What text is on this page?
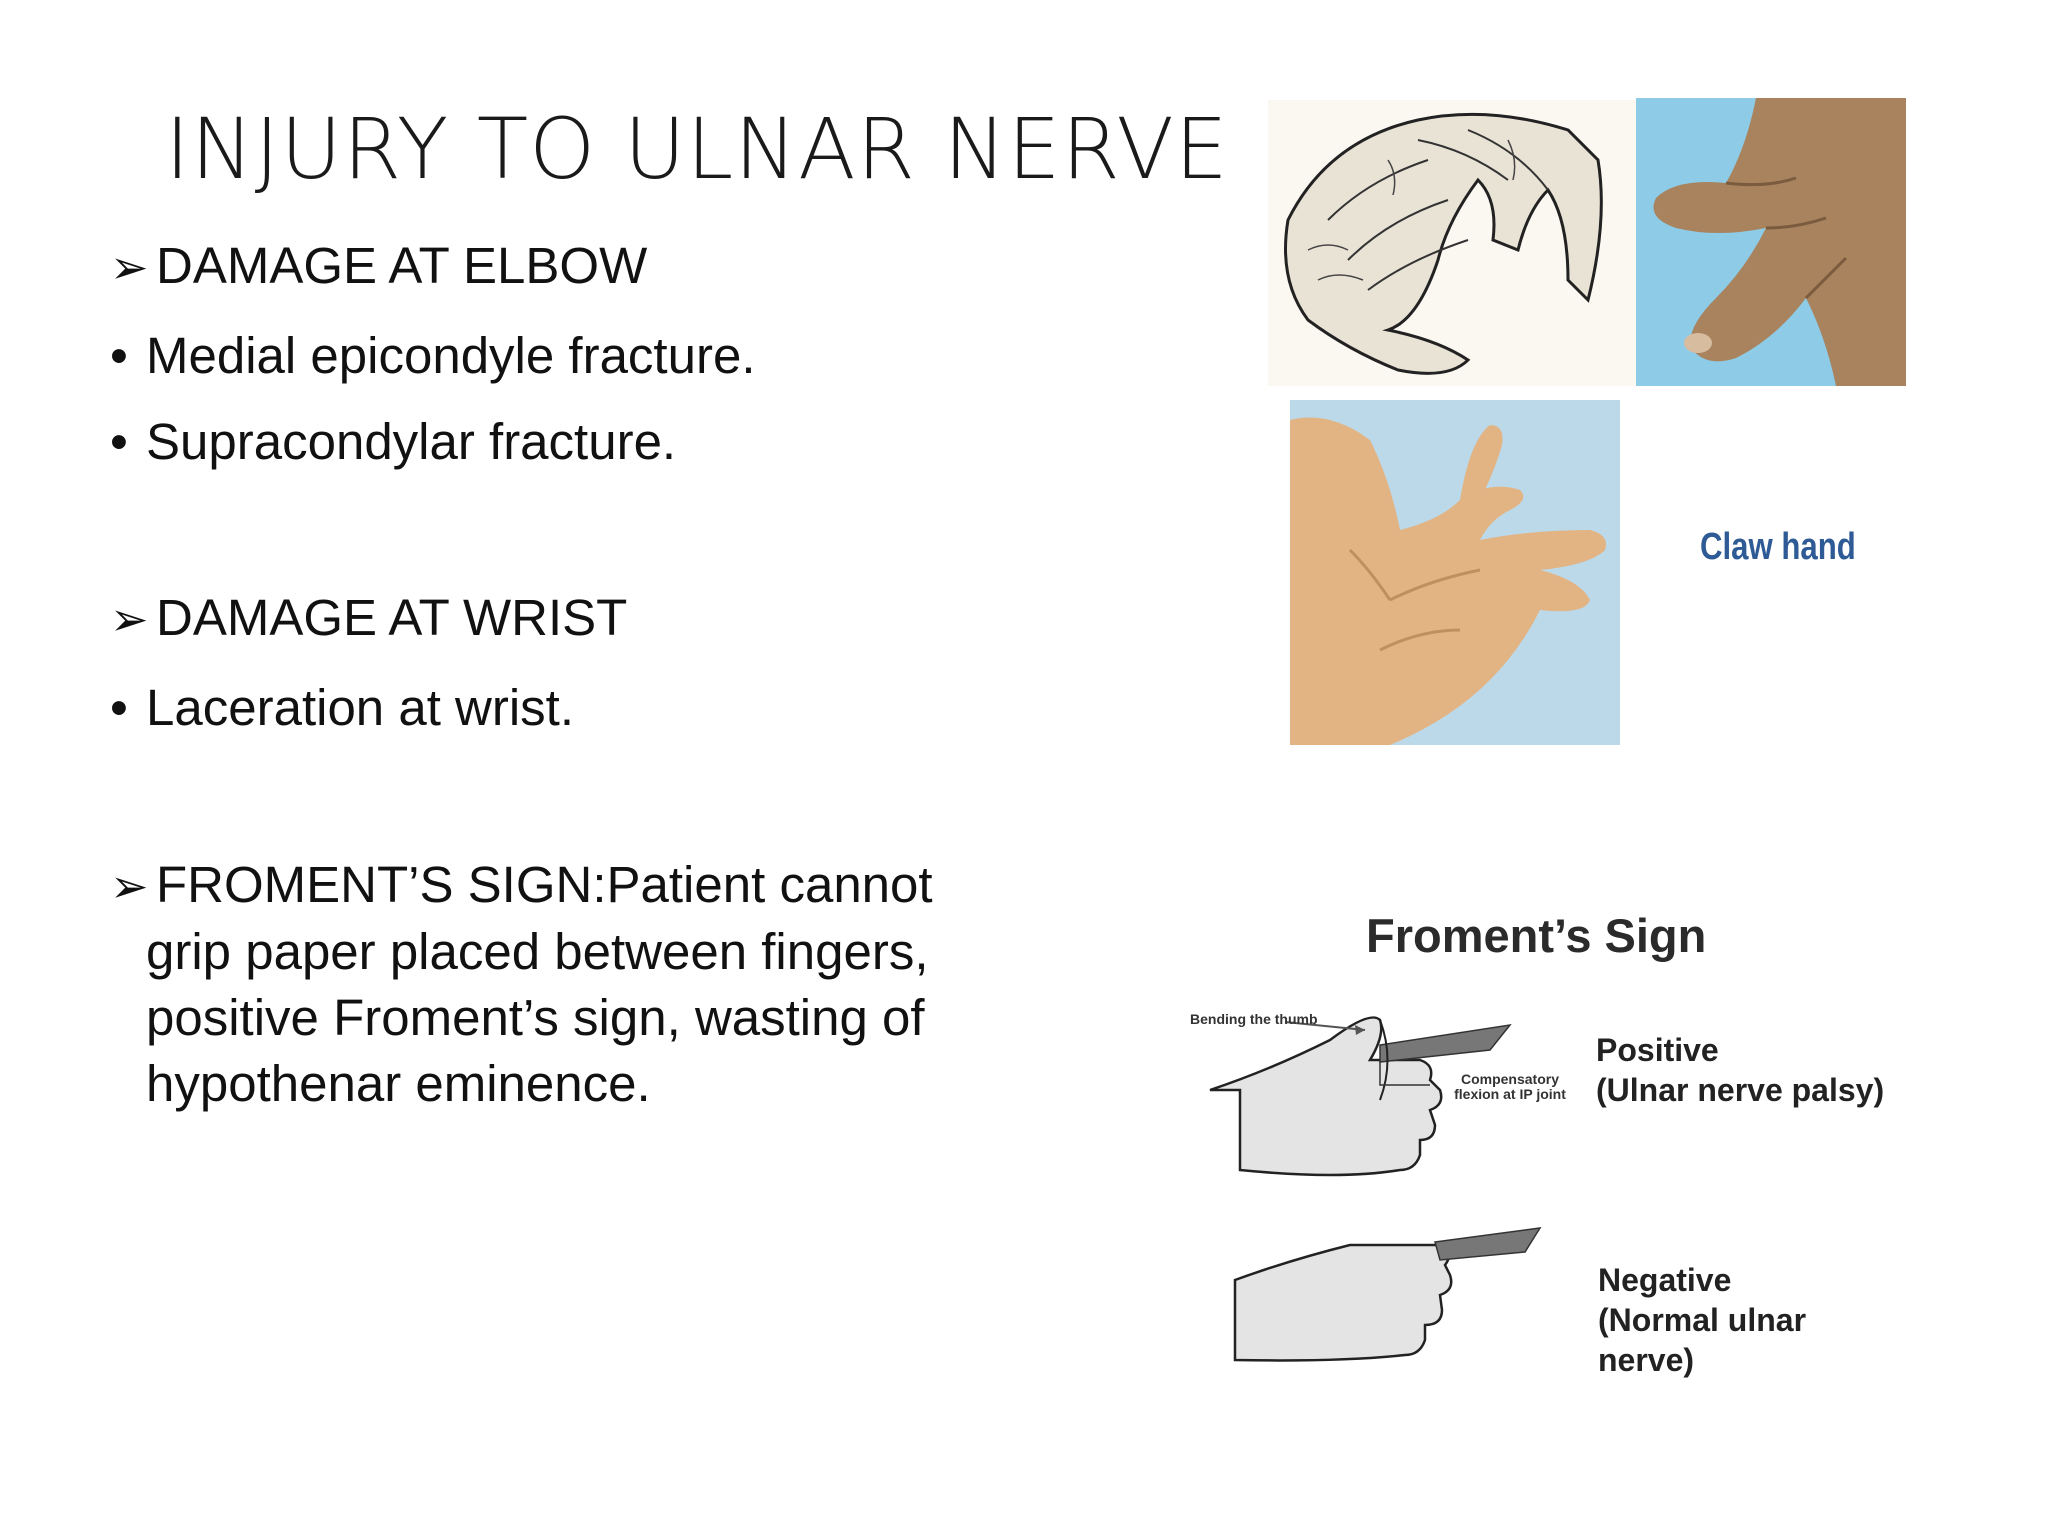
INJURY TO ULNAR NERVE
➢ DAMAGE AT ELBOW
• Medial epicondyle fracture.
• Supracondylar fracture.
➢ DAMAGE AT WRIST
• Laceration at wrist.
➢ FROMENT’S SIGN:Patient cannot
grip paper placed between fingers, positive Froment’s sign, wasting of hypothenar eminence.
Claw hand
Froment’s Sign
Bending the thumb
Compensatory flexion at IP joint
Positive
(Ulnar nerve palsy)
Negative
(Normal ulnar
nerve)
